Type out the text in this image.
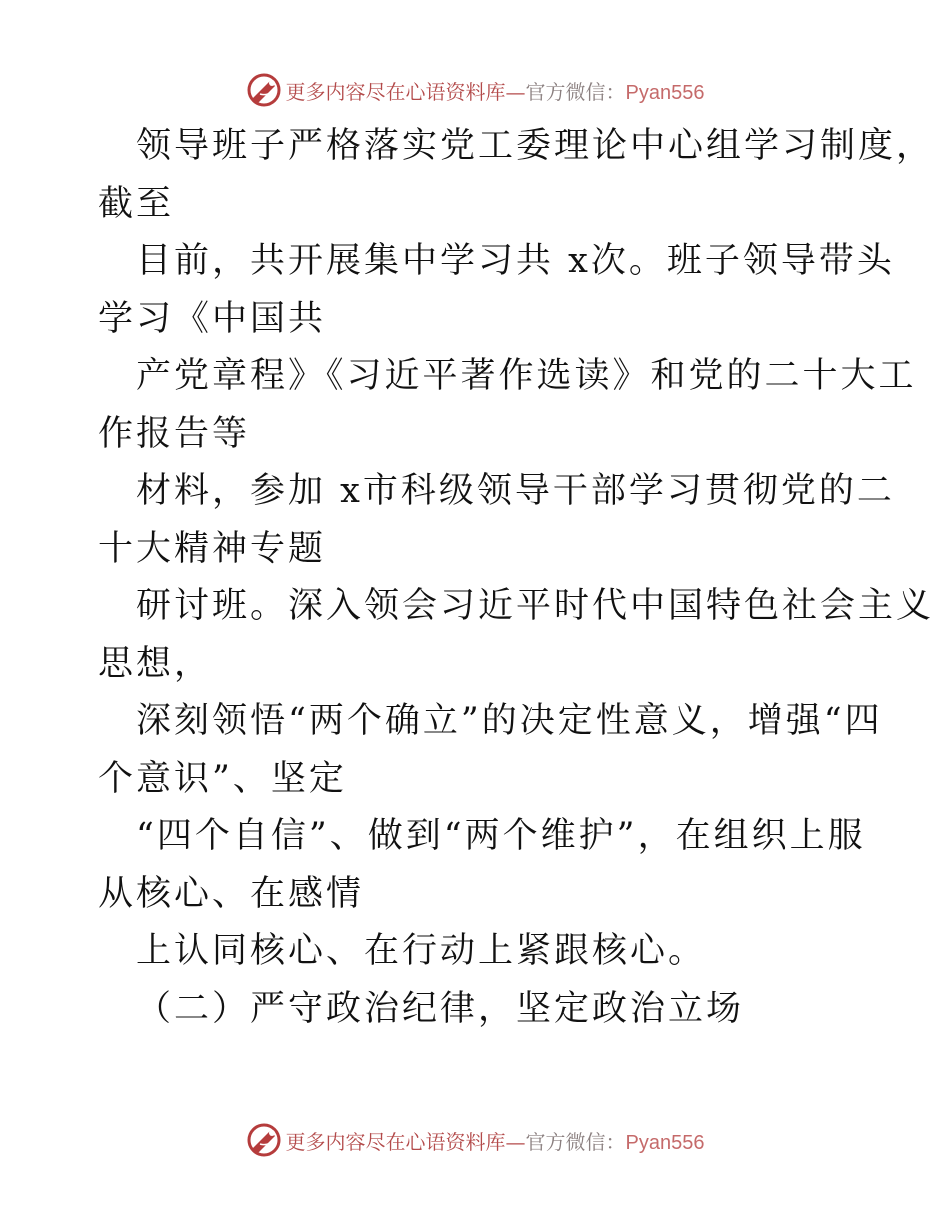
更多内容尽在心语资料库—官方微信：Pyan556
领导班子严格落实党工委理论中心组学习制度，
截至
目前，共开展集中学习共 x次。班子领导带头
学习《中国共
产党章程》《习近平著作选读》和党的二十大工
作报告等
材料，参加 x市科级领导干部学习贯彻党的二
十大精神专题
研讨班。深入领会习近平时代中国特色社会主义
思想，
深刻领悟“两个确立”的决定性意义，增强“四
个意识”、坚定
“四个自信”、做到“两个维护”，在组织上服
从核心、在感情
上认同核心、在行动上紧跟核心。
（二）严守政治纪律，坚定政治立场
更多内容尽在心语资料库—官方微信：Pyan556
